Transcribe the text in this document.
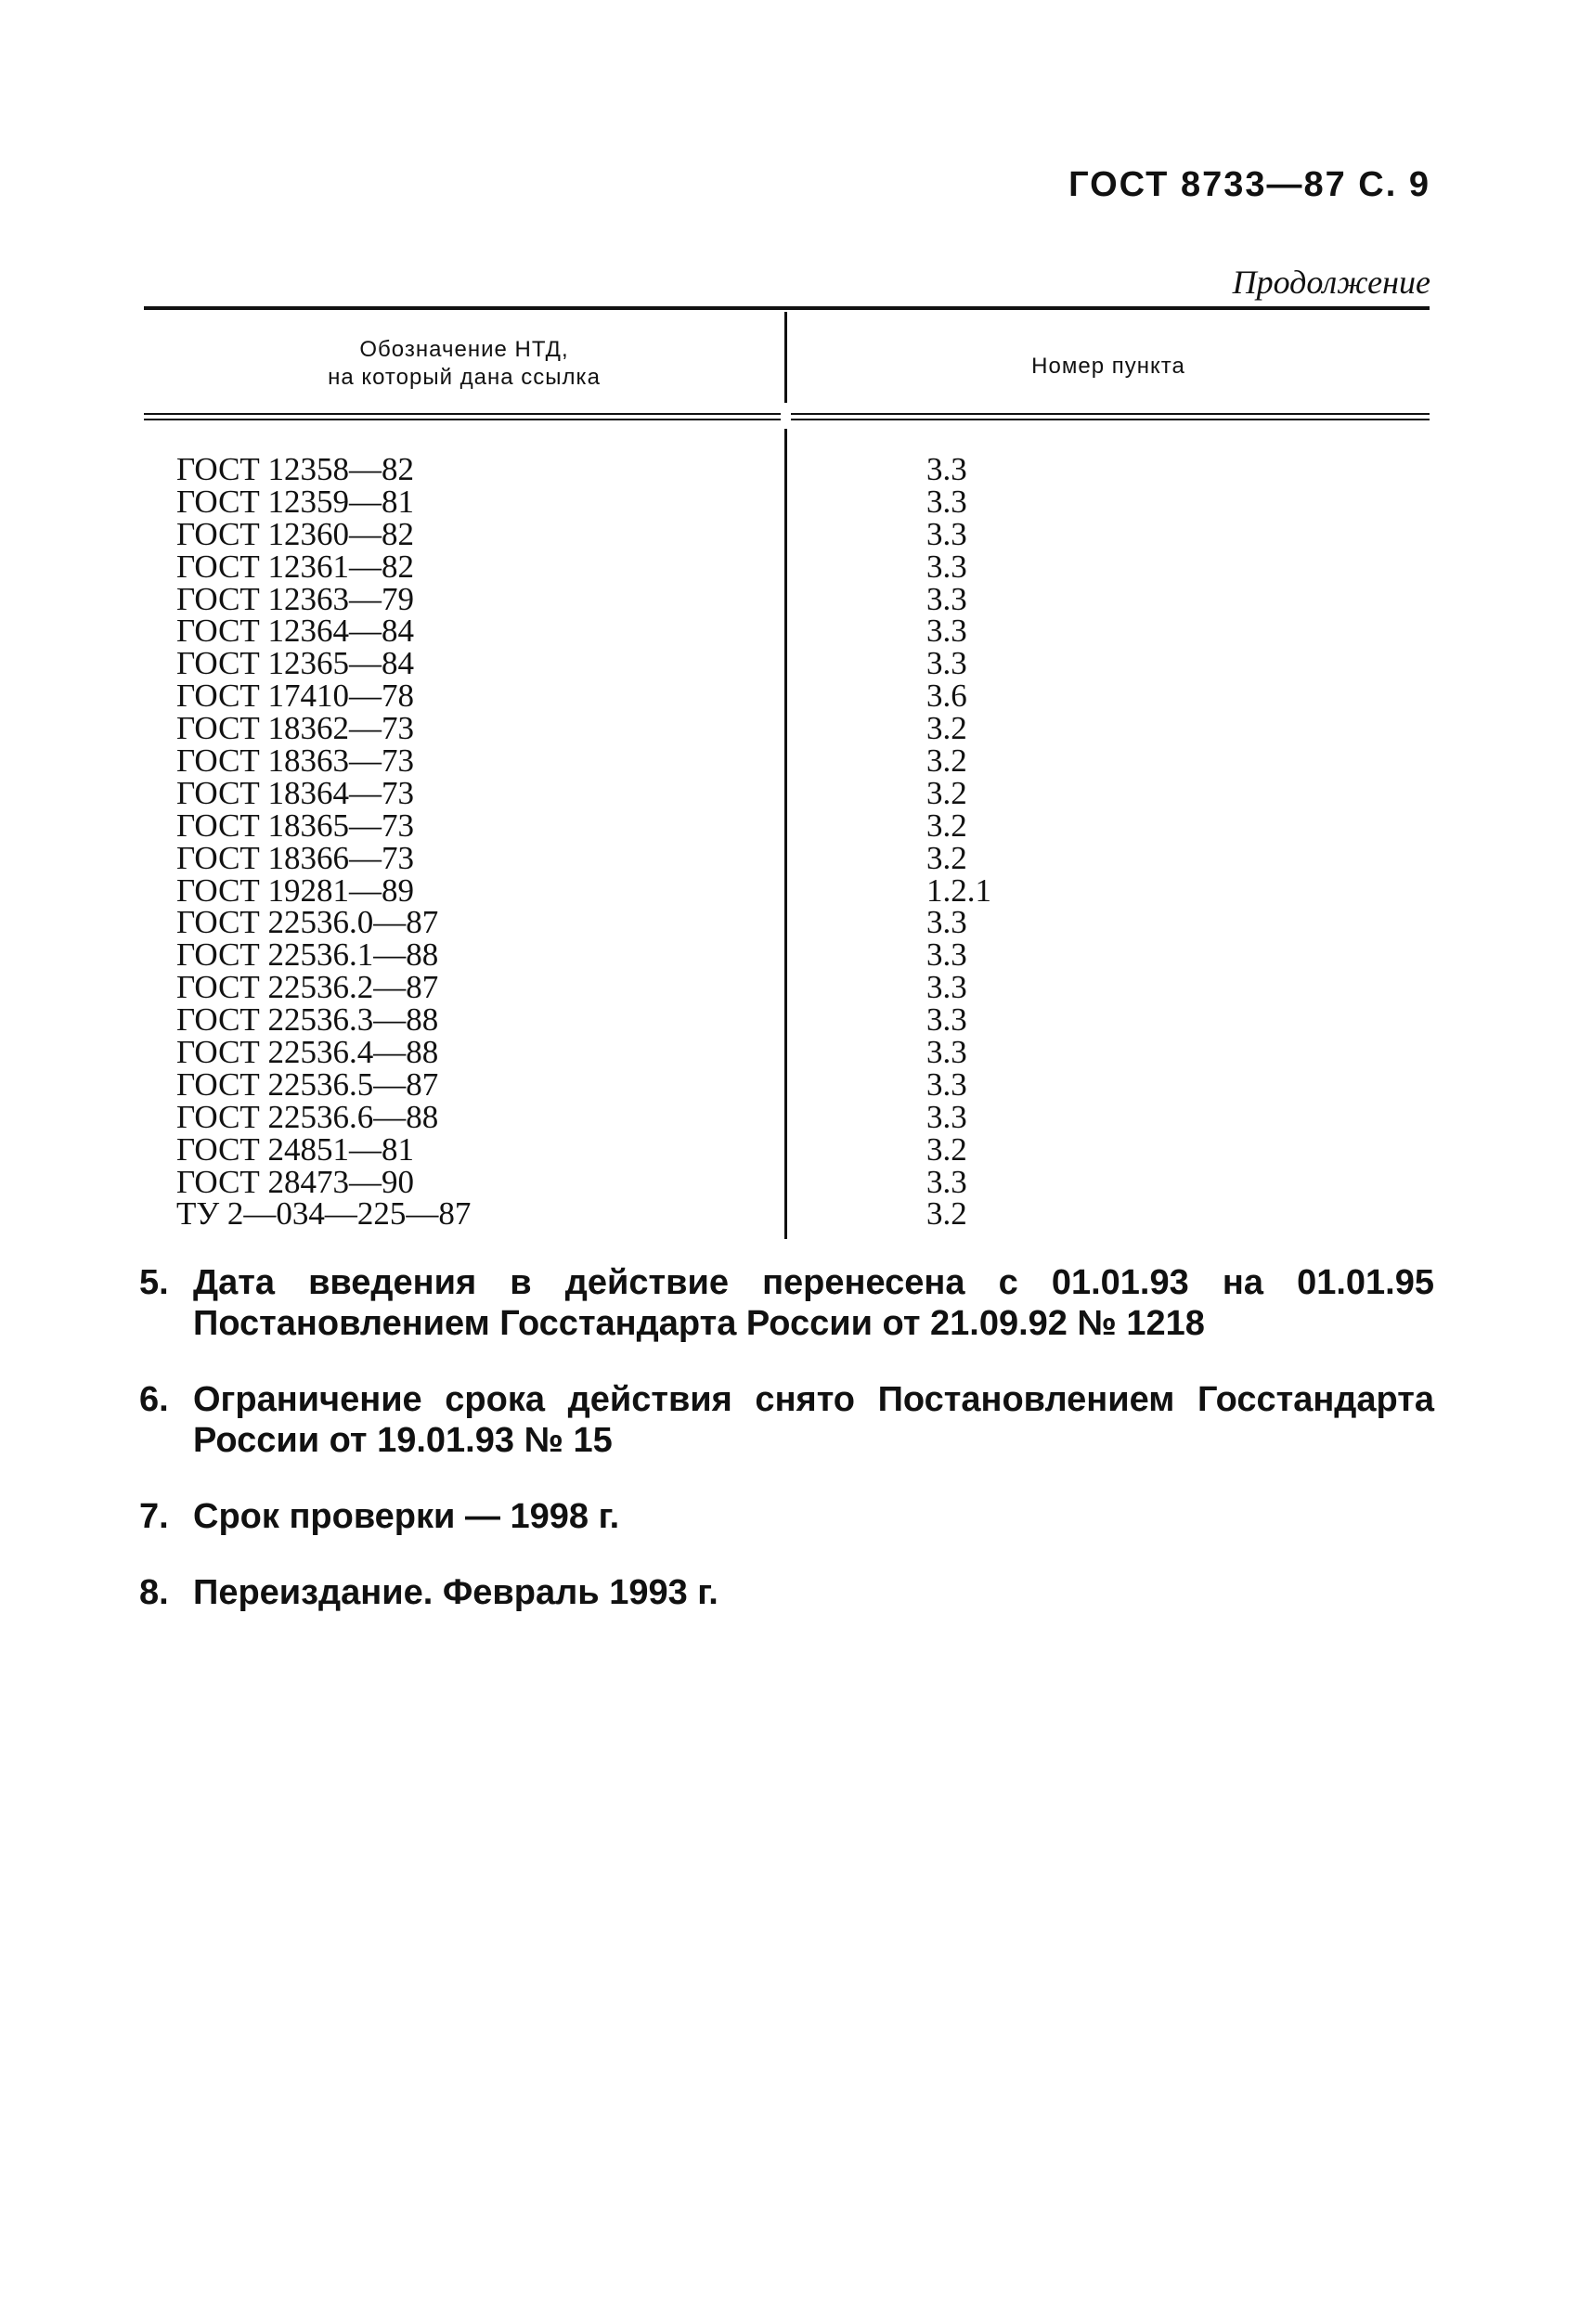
ГОСТ 8733—87 С. 9
Продолжение
Обозначение НТД,
на который дана ссылка	Номер пункта
ГОСТ 12358—82	3.3
ГОСТ 12359—81	3.3
ГОСТ 12360—82	3.3
ГОСТ 12361—82	3.3
ГОСТ 12363—79	3.3
ГОСТ 12364—84	3.3
ГОСТ 12365—84	3.3
ГОСТ 17410—78	3.6
ГОСТ 18362—73	3.2
ГОСТ 18363—73	3.2
ГОСТ 18364—73	3.2
ГОСТ 18365—73	3.2
ГОСТ 18366—73	3.2
ГОСТ 19281—89	1.2.1
ГОСТ 22536.0—87	3.3
ГОСТ 22536.1—88	3.3
ГОСТ 22536.2—87	3.3
ГОСТ 22536.3—88	3.3
ГОСТ 22536.4—88	3.3
ГОСТ 22536.5—87	3.3
ГОСТ 22536.6—88	3.3
ГОСТ 24851—81	3.2
ГОСТ 28473—90	3.3
ТУ 2—034—225—87	3.2
5. Дата введения в действие перенесена с 01.01.93 на 01.01.95 Постановлением Госстандарта России от 21.09.92 № 1218
6. Ограничение срока действия снято Постановлением Госстандарта России от 19.01.93 № 15
7. Срок проверки — 1998 г.
8. Переиздание. Февраль 1993 г.
